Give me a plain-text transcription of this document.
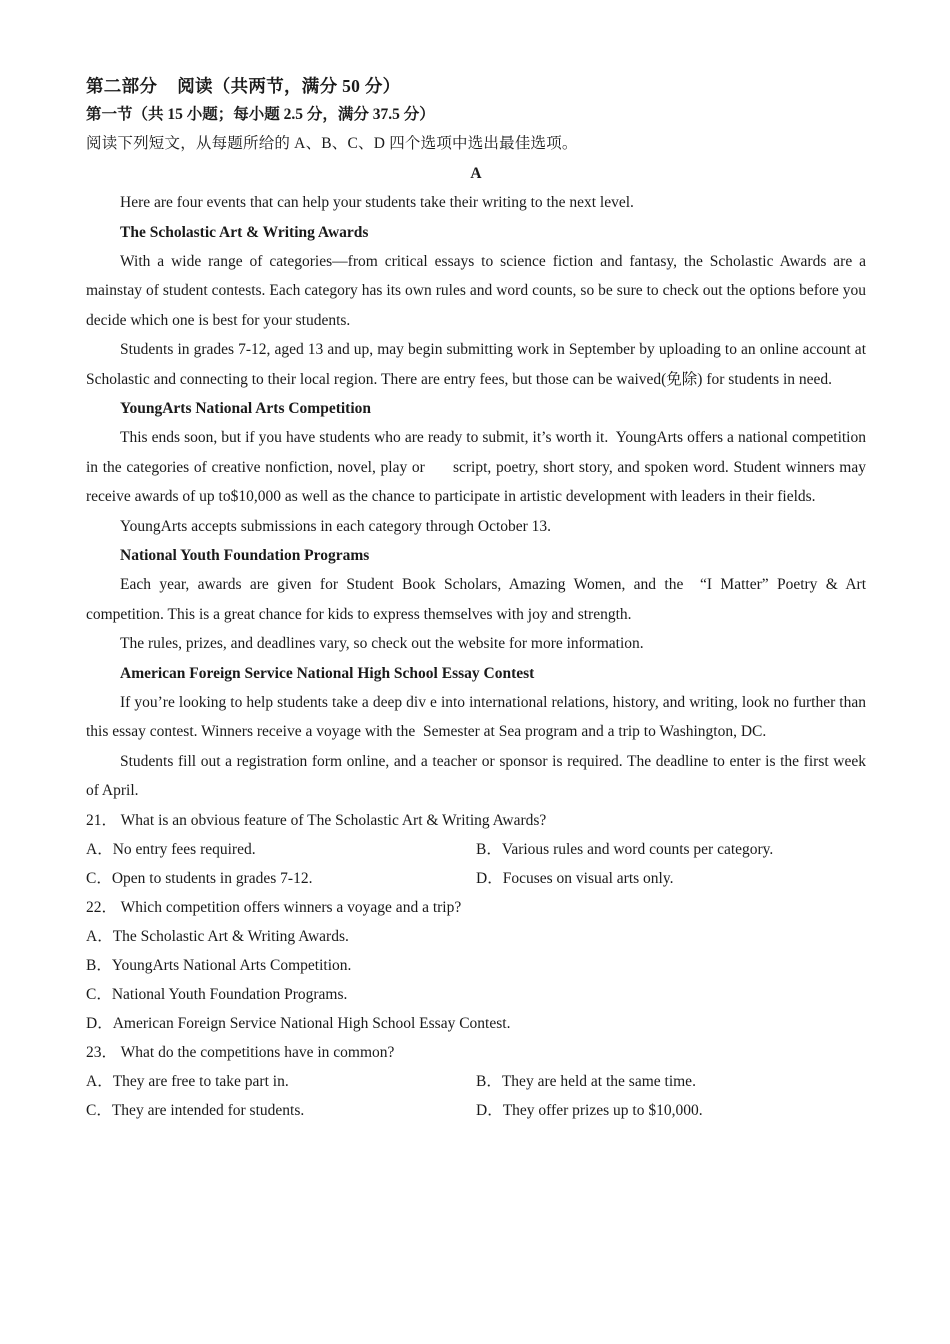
第二部分 阅读（共两节，满分 50 分）
第一节（共 15 小题；每小题 2.5 分，满分 37.5 分）
阅读下列短文，从每题所给的 A、B、C、D 四个选项中选出最佳选项。
A

Here are four events that can help your students take their writing to the next level.

The Scholastic Art & Writing Awards

With a wide range of categories—from critical essays to science fiction and fantasy, the Scholastic Awards are a mainstay of student contests. Each category has its own rules and word counts, so be sure to check out the options before you decide which one is best for your students.

Students in grades 7-12, aged 13 and up, may begin submitting work in September by uploading to an online account at Scholastic and connecting to their local region. There are entry fees, but those can be waived(免除) for students in need.

YoungArts National Arts Competition

This ends soon, but if you have students who are ready to submit, it’s worth it.  YoungArts offers a national competition in the categories of creative nonfiction, novel, play or      script, poetry, short story, and spoken word. Student winners may receive awards of up to$10,000 as well as the chance to participate in artistic development with leaders in their fields.

YoungArts accepts submissions in each category through October 13.

National Youth Foundation Programs

Each year, awards are given for Student Book Scholars, Amazing Women, and the  “I Matter” Poetry & Art competition. This is a great chance for kids to express themselves with joy and strength.

The rules, prizes, and deadlines vary, so check out the website for more information.

American Foreign Service National High School Essay Contest

If you’re looking to help students take a deep div e into international relations, history, and writing, look no further than this essay contest. Winners receive a voyage with the  Semester at Sea program and a trip to Washington, DC.

Students fill out a registration form online, and a teacher or sponsor is required. The deadline to enter is the first week of April.

21． What is an obvious feature of The Scholastic Art & Writing Awards?
A．No entry fees required.	B．Various rules and word counts per category.
C．Open to students in grades 7-12.	D．Focuses on visual arts only.
22． Which competition offers winners a voyage and a trip?
A．The Scholastic Art & Writing Awards.
B．YoungArts National Arts Competition.
C．National Youth Foundation Programs.
D．American Foreign Service National High School Essay Contest.
23． What do the competitions have in common?
A．They are free to take part in.	B．They are held at the same time.
C．They are intended for students.	D．They offer prizes up to $10,000.
